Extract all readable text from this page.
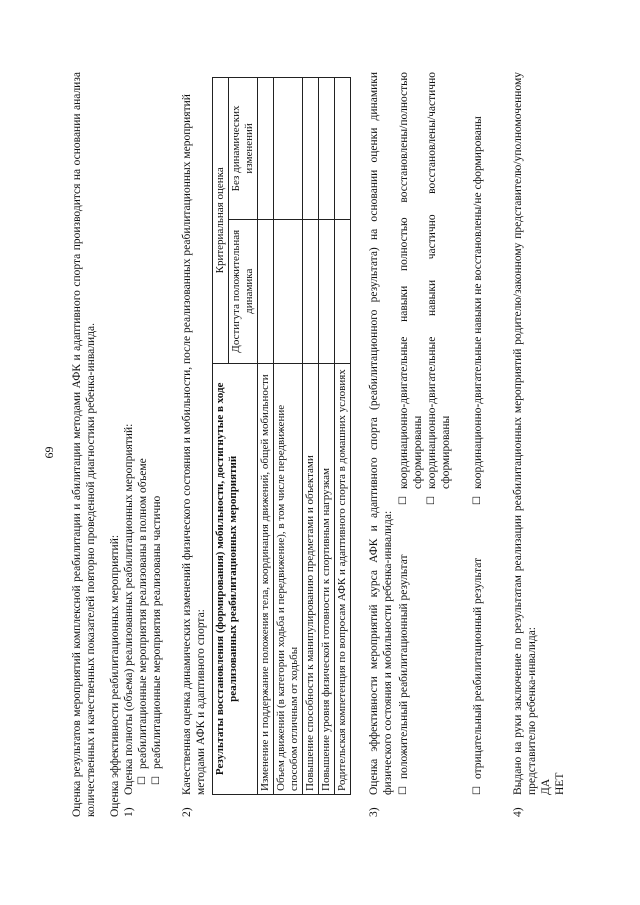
69 Оценка результатов мероприятий комплексной реабилитации и абилитации методами АФК и адаптивного спорта производится на основании анализа количественных и качественных показателей повторно проведенной диагностики ребенка-инвалида. Оценка эффективности реабилитационных мероприятий: 1)
Оценка полноты (объема) реализованных реабилитационных мероприятий: ☐
реабилитационные мероприятия реализованы в полном объеме
☐
реабилитационные мероприятия реализованы частично
2)
Качественная оценка динамических изменений физического состояния и мобильности, после реализованных реабилитационных мероприятий методами АФК и адаптивного спорта: Результаты восстановления (формирования) мобильности, достигнутые в ходе реализованных реабилитационных мероприятий	Критериальная оценка	
	Достигута положительная динамика	Без динамических изменений
Изменение и поддержание положения тела, координация движений, общей мобильности		
Объем движений (в категории ходьба и передвижение), в том числе передвижение способом отличным от ходьбы		
Повышение способности к манипулированию предметами и объектами		
Повышение уровня физической готовности к спортивным нагрузкам		
Родительская компетенция по вопросам АФК и адаптивного спорта в домашних условиях		
3)
Оценка эффективности мероприятий курса АФК и адаптивного спорта (реабилитационного результата) на основании оценки динамики физического состояния и мобильности ребенка-инвалида: ☐
положительный реабилитационный результат
☐
координационно-двигательные навыки полностью восстановлены/полностью сформированы
☐
координационно-двигательные навыки частично восстановлены/частично сформированы
☐
отрицательный реабилитационный результат
☐
координационно-двигательные навыки не восстановлены/не сформированы
4)
Выдано на руки заключение по результатам реализации реабилитационных мероприятий родителю/законному представителю/уполномоченному представителю ребенка-инвалида: ДА НЕТ
